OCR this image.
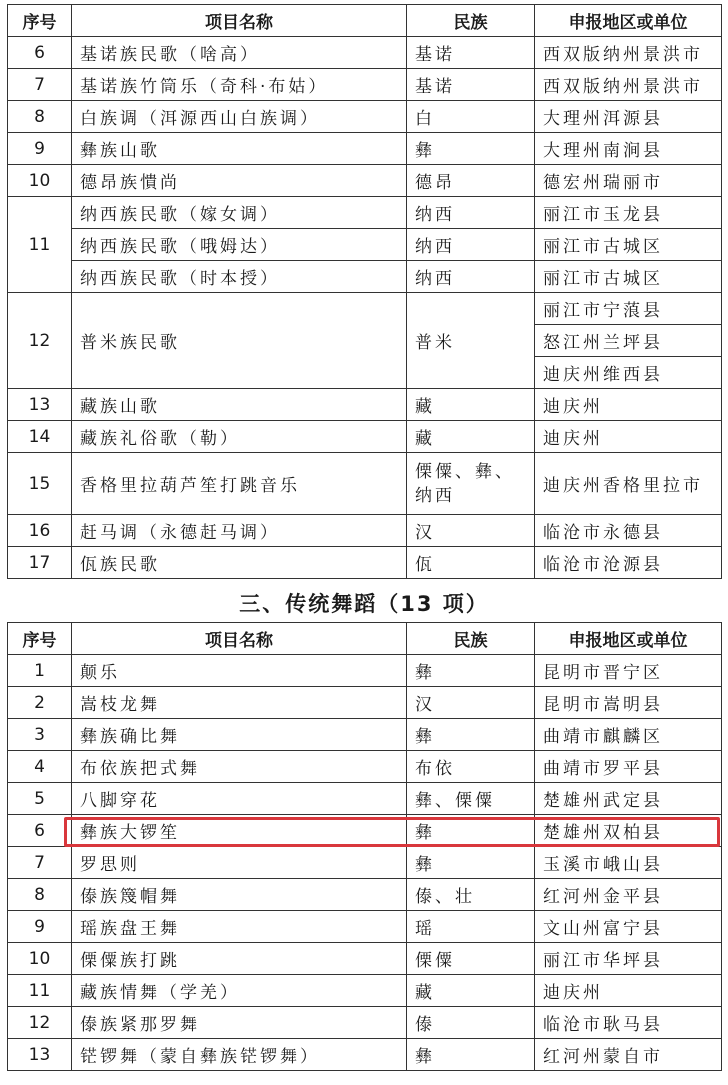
序号	项目名称	民族	申报地区或单位
6	基诺族民歌（啥高）	基诺	西双版纳州景洪市
7	基诺族竹筒乐（奇科·布姑）	基诺	西双版纳州景洪市
8	白族调（洱源西山白族调）	白	大理州洱源县
9	彝族山歌	彝	大理州南涧县
10	德昂族憒尚	德昂	德宏州瑞丽市
11	纳西族民歌（嫁女调）	纳西	丽江市玉龙县
	纳西族民歌（哦姆达）	纳西	丽江市古城区
	纳西族民歌（时本授）	纳西	丽江市古城区
12	普米族民歌	普米	丽江市宁蒗县
			怒江州兰坪县
			迪庆州维西县
13	藏族山歌	藏	迪庆州
14	藏族礼俗歌（勒）	藏	迪庆州
15	香格里拉葫芦笙打跳音乐	傈僳、彝、纳西	迪庆州香格里拉市
16	赶马调（永德赶马调）	汉	临沧市永德县
17	佤族民歌	佤	临沧市沧源县
三、传统舞蹈（13 项）
序号	项目名称	民族	申报地区或单位
1	颠乐	彝	昆明市晋宁区
2	嵩枝龙舞	汉	昆明市嵩明县
3	彝族确比舞	彝	曲靖市麒麟区
4	布依族把式舞	布依	曲靖市罗平县
5	八脚穿花	彝、傈僳	楚雄州武定县
6	彝族大锣笙	彝	楚雄州双柏县
7	罗思则	彝	玉溪市峨山县
8	傣族篾帽舞	傣、壮	红河州金平县
9	瑶族盘王舞	瑶	文山州富宁县
10	傈僳族打跳	傈僳	丽江市华坪县
11	藏族情舞（学羌）	藏	迪庆州
12	傣族紧那罗舞	傣	临沧市耿马县
13	铓锣舞（蒙自彝族铓锣舞）	彝	红河州蒙自市
